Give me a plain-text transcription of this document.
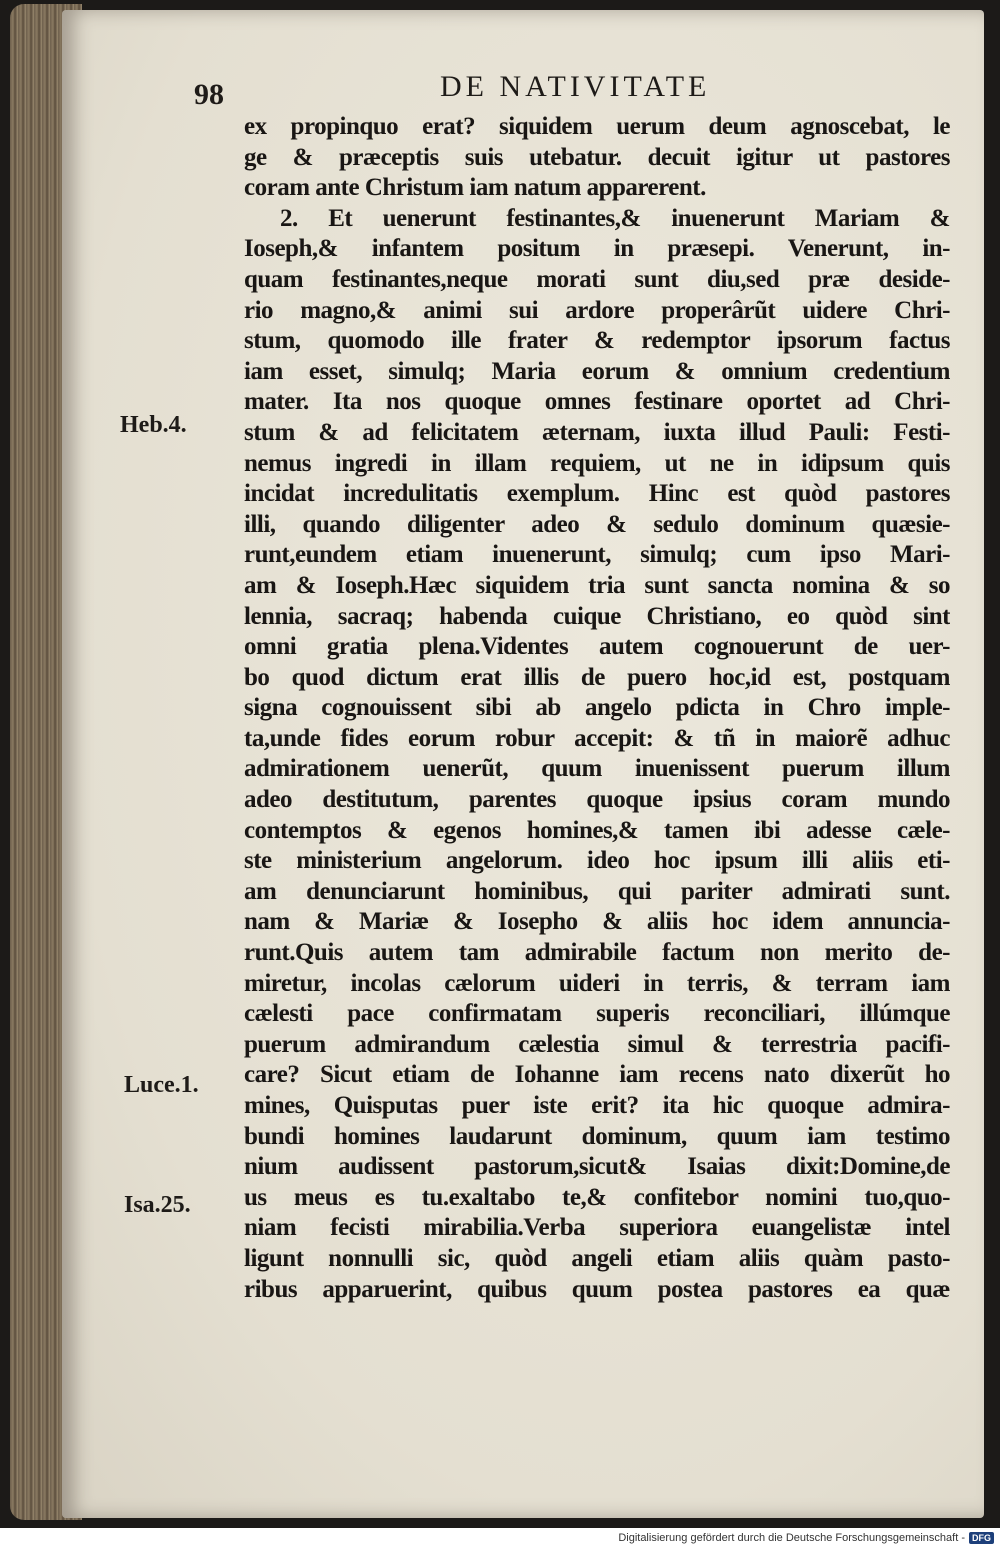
98	DE NATIVITATE
ex propinquo erat? siquidem uerum deum agnoscebat, le
ge & præceptis suis utebatur. decuit igitur ut pastores
coram ante Christum iam natum apparerent.
2. Et uenerunt festinantes,& inuenerunt Mariam &
Ioseph,& infantem positum in præsepi. Venerunt, in-
quam festinantes,neque morati sunt diu,sed præ deside-
rio magno,& animi sui ardore properârũt uidere Chri-
stum, quomodo ille frater & redemptor ipsorum factus
iam esset, simulq; Maria eorum & omnium credentium
mater. Ita nos quoque omnes festinare oportet ad Chri-
stum & ad felicitatem æternam, iuxta illud Pauli: Festi-
nemus ingredi in illam requiem, ut ne in idipsum quis
incidat incredulitatis exemplum. Hinc est quòd pastores
illi, quando diligenter adeo & sedulo dominum quæsie-
runt,eundem etiam inuenerunt, simulq; cum ipso Mari-
am & Ioseph.Hæc siquidem tria sunt sancta nomina & so
lennia, sacraq; habenda cuique Christiano, eo quòd sint
omni gratia plena.Videntes autem cognouerunt de uer-
bo quod dictum erat illis de puero hoc,id est, postquam
signa cognouissent sibi ab angelo pdicta in Chro imple-
ta,unde fides eorum robur accepit: & tñ in maiorẽ adhuc
admirationem uenerũt, quum inuenissent puerum illum
adeo destitutum, parentes quoque ipsius coram mundo
contemptos & egenos homines,& tamen ibi adesse cæle-
ste ministerium angelorum. ideo hoc ipsum illi aliis eti-
am denunciarunt hominibus, qui pariter admirati sunt.
nam & Mariæ & Iosepho & aliis hoc idem annuncia-
runt.Quis autem tam admirabile factum non merito de-
miretur, incolas cælorum uideri in terris, & terram iam
cælesti pace confirmatam superis reconciliari, illúmque
puerum admirandum cælestia simul & terrestria pacifi-
care? Sicut etiam de Iohanne iam recens nato dixerũt ho
mines, Quisputas puer iste erit? ita hic quoque admira-
bundi homines laudarunt dominum, quum iam testimo
nium audissent pastorum,sicut& Isaias dixit:Domine,de
us meus es tu.exaltabo te,& confitebor nomini tuo,quo-
niam fecisti mirabilia.Verba superiora euangelistæ intel
ligunt nonnulli sic, quòd angeli etiam aliis quàm pasto-
ribus apparuerint, quibus quum postea pastores ea quæ
Heb.4.
Luce.1.
Isa.25.
Digitalisierung gefördert durch die Deutsche Forschungsgemeinschaft - DFG
